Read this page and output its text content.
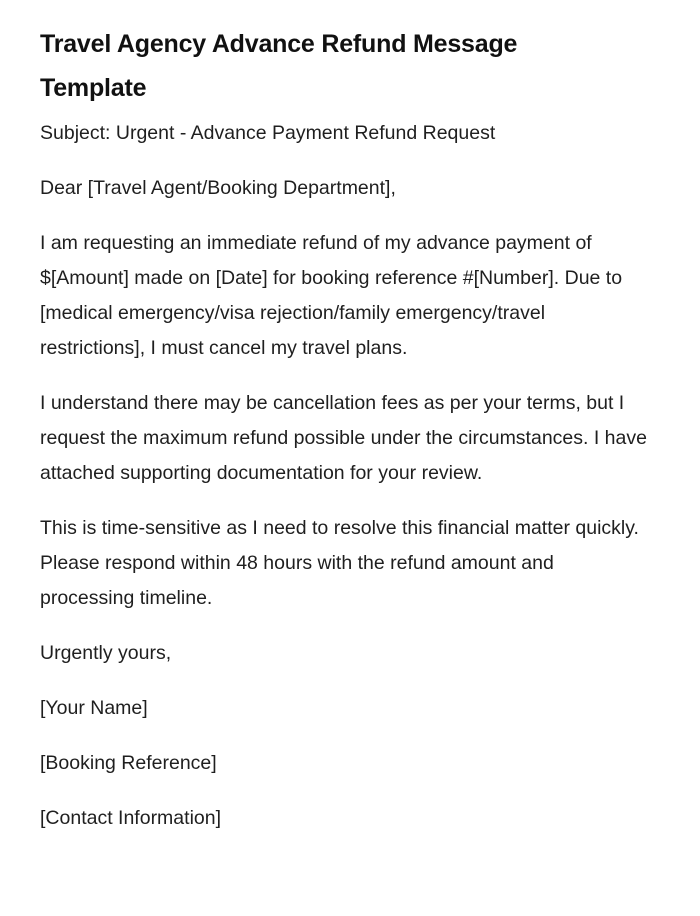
Travel Agency Advance Refund Message Template

Subject: Urgent - Advance Payment Refund Request

Dear [Travel Agent/Booking Department],

I am requesting an immediate refund of my advance payment of $[Amount] made on [Date] for booking reference #[Number]. Due to [medical emergency/visa rejection/family emergency/travel restrictions], I must cancel my travel plans.

I understand there may be cancellation fees as per your terms, but I request the maximum refund possible under the circumstances. I have attached supporting documentation for your review.

This is time-sensitive as I need to resolve this financial matter quickly. Please respond within 48 hours with the refund amount and processing timeline.

Urgently yours,

[Your Name]

[Booking Reference]

[Contact Information]
